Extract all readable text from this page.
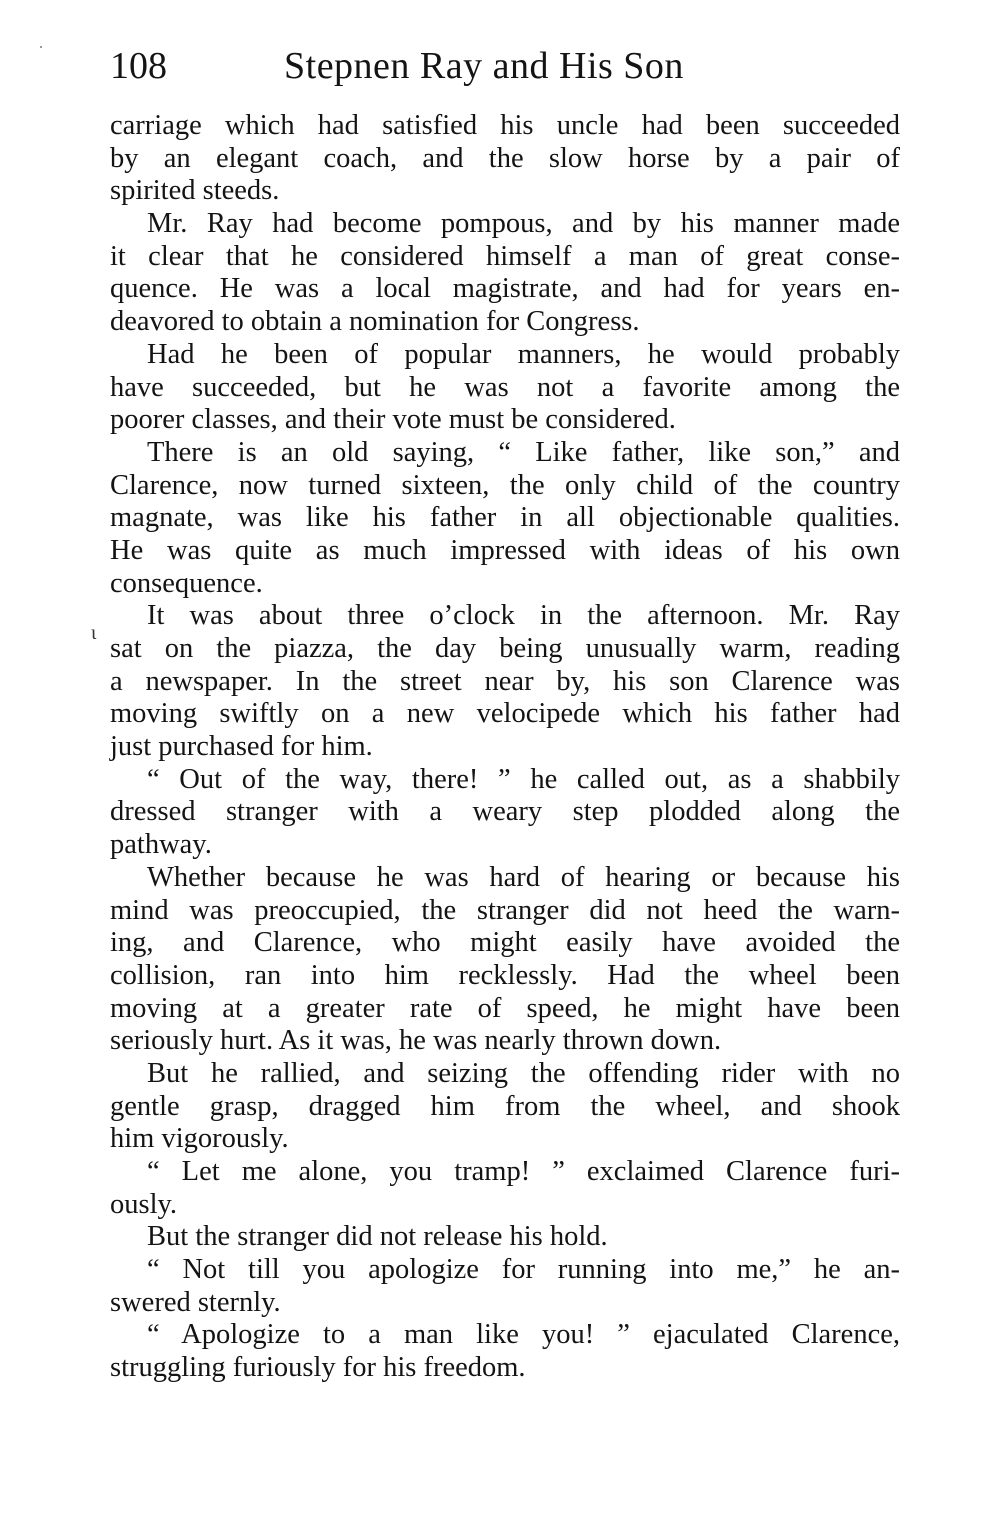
108	Stepnen Ray and His Son
ι
carriage which had satisfied his uncle had been succeeded
by an elegant coach, and the slow horse by a pair of
spirited steeds.
Mr. Ray had become pompous, and by his manner made
it clear that he considered himself a man of great conse-
quence. He was a local magistrate, and had for years en-
deavored to obtain a nomination for Congress.
Had he been of popular manners, he would probably
have succeeded, but he was not a favorite among the
poorer classes, and their vote must be considered.
There is an old saying, “ Like father, like son,” and
Clarence, now turned sixteen, the only child of the country
magnate, was like his father in all objectionable qualities.
He was quite as much impressed with ideas of his own
consequence.
It was about three o’clock in the afternoon. Mr. Ray
sat on the piazza, the day being unusually warm, reading
a newspaper. In the street near by, his son Clarence was
moving swiftly on a new velocipede which his father had
just purchased for him.
“ Out of the way, there! ” he called out, as a shabbily
dressed stranger with a weary step plodded along the
pathway.
Whether because he was hard of hearing or because his
mind was preoccupied, the stranger did not heed the warn-
ing, and Clarence, who might easily have avoided the
collision, ran into him recklessly. Had the wheel been
moving at a greater rate of speed, he might have been
seriously hurt. As it was, he was nearly thrown down.
But he rallied, and seizing the offending rider with no
gentle grasp, dragged him from the wheel, and shook
him vigorously.
“ Let me alone, you tramp! ” exclaimed Clarence furi-
ously.
But the stranger did not release his hold.
“ Not till you apologize for running into me,” he an-
swered sternly.
“ Apologize to a man like you! ” ejaculated Clarence,
struggling furiously for his freedom.
